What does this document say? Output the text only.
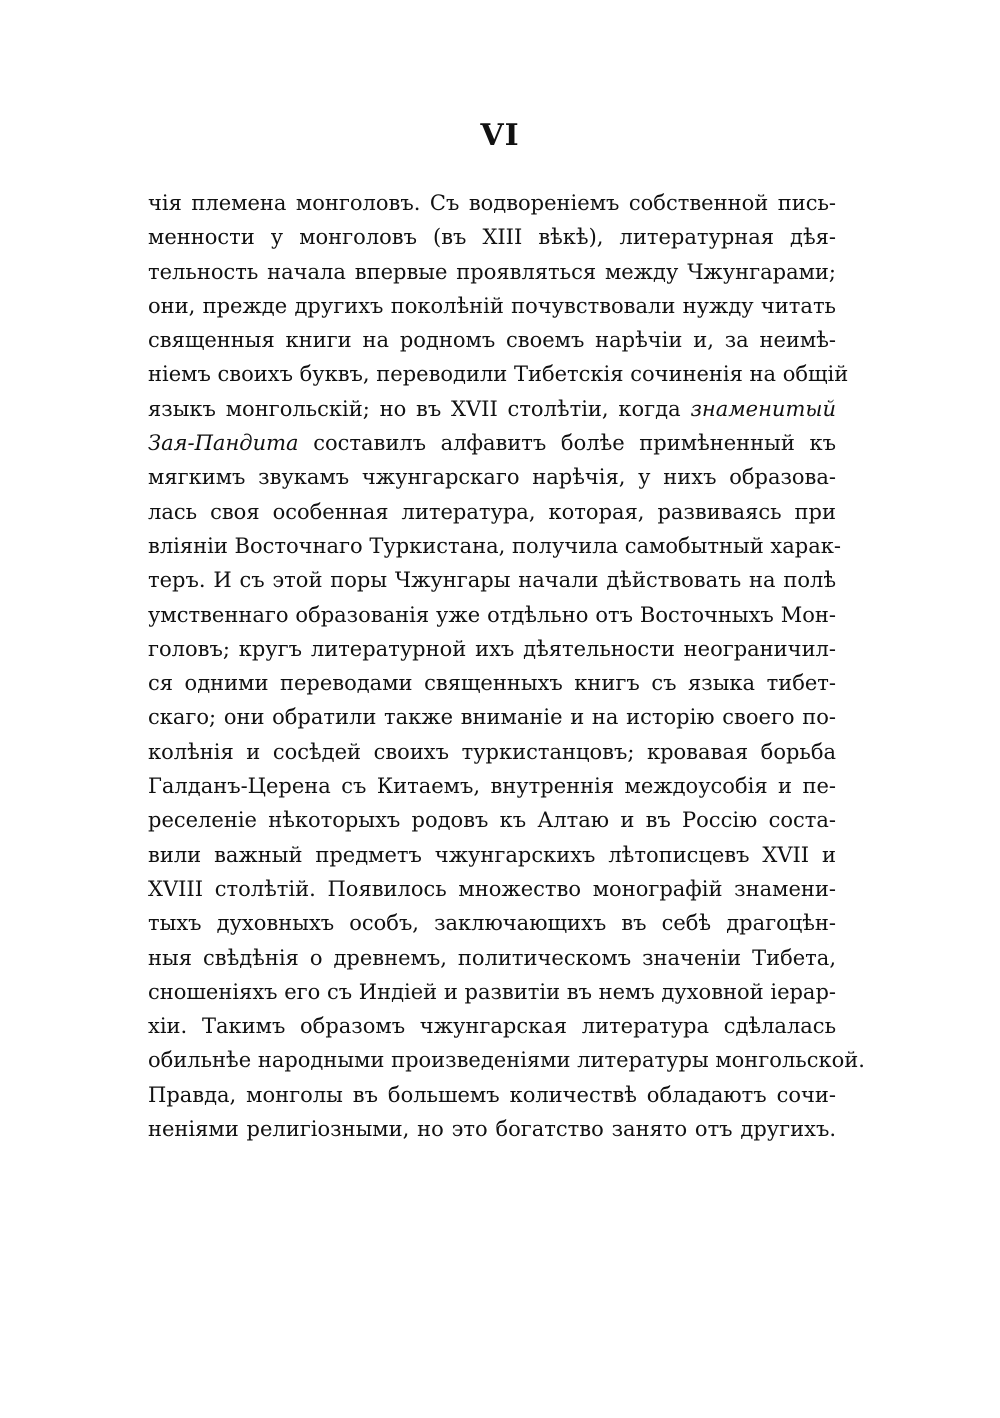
VI
чія племена монголовъ. Съ водвореніемъ собственной пись-
менности у монголовъ (въ XIII вѣкѣ), литературная дѣя-
тельность начала впервые проявляться между Чжунгарами;
они, прежде другихъ поколѣній почувствовали нужду читать
священныя книги на родномъ своемъ нарѣчіи и, за неимѣ-
ніемъ своихъ буквъ, переводили Тибетскія сочиненія на общій
языкъ монгольскій; но въ XVII столѣтіи, когда знаменитый
Зая-Пандита составилъ алфавитъ болѣе примѣненный къ
мягкимъ звукамъ чжунгарскаго нарѣчія, у нихъ образова-
лась своя особенная литература, которая, развиваясь при
вліяніи Восточнаго Туркистана, получила самобытный харак-
теръ. И съ этой поры Чжунгары начали дѣйствовать на полѣ
умственнаго образованія уже отдѣльно отъ Восточныхъ Мон-
головъ; кругъ литературной ихъ дѣятельности неограничил-
ся одними переводами священныхъ книгъ съ языка тибет-
скаго; они обратили также вниманіе и на исторію своего по-
колѣнія и сосѣдей своихъ туркистанцовъ; кровавая борьба
Галданъ-Церена съ Китаемъ, внутреннія междоусобія и пе-
реселеніе нѣкоторыхъ родовъ къ Алтаю и въ Россію соста-
вили важный предметъ чжунгарскихъ лѣтописцевъ XVII и
XVIII столѣтій. Появилось множество монографій знамени-
тыхъ духовныхъ особъ, заключающихъ въ себѣ драгоцѣн-
ныя свѣдѣнія о древнемъ, политическомъ значеніи Тибета,
сношеніяхъ его съ Индіей и развитіи въ немъ духовной іерар-
хіи. Такимъ образомъ чжунгарская литература сдѣлалась
обильнѣе народными произведеніями литературы монгольской.
Правда, монголы въ большемъ количествѣ обладаютъ сочи-
неніями религіозными, но это богатство занято отъ другихъ.
